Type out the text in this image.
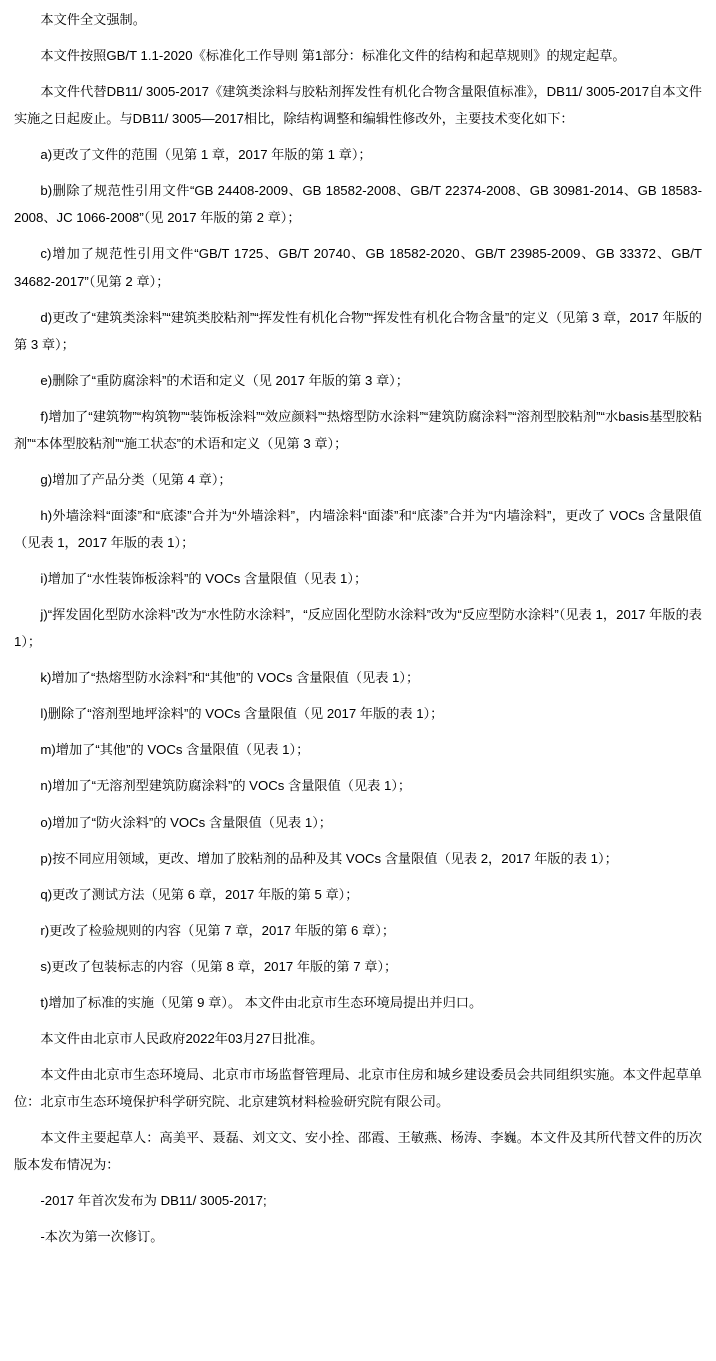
本文件全文强制。

本文件按照GB/T 1.1-2020《标准化工作导则 第1部分：标准化文件的结构和起草规则》的规定起草。

本文件代替DB11/ 3005-2017《建筑类涂料与胶粘剂挥发性有机化合物含量限值标准》，DB11/ 3005-2017自本文件实施之日起废止。与DB11/ 3005—2017相比，除结构调整和编辑性修改外，主要技术变化如下：

a)更改了文件的范围（见第 1 章，2017 年版的第 1 章）；

b)删除了规范性引用文件“GB 24408-2009、GB 18582-2008、GB/T 22374-2008、GB 30981-2014、GB 18583-2008、JC 1066-2008”（见 2017 年版的第 2 章）；

c)增加了规范性引用文件“GB/T 1725、GB/T 20740、GB 18582-2020、GB/T 23985-2009、GB 33372、GB/T 34682-2017”（见第 2 章）；

d)更改了“建筑类涂料”“建筑类胶粘剂”“挥发性有机化合物”“挥发性有机化合物含量”的定义（见第 3 章，2017 年版的第 3 章）；

e)删除了“重防腐涂料”的术语和定义（见 2017 年版的第 3 章）；

f)增加了“建筑物”“构筑物”“装饰板涂料”“效应颜料”“热熔型防水涂料”“建筑防腐涂料”“溶剂型胶粘剂”“水basis基型胶粘剂”“本体型胶粘剂”“施工状态”的术语和定义（见第 3 章）；

g)增加了产品分类（见第 4 章）；

h)外墙涂料“面漆”和“底漆”合并为“外墙涂料”，内墙涂料“面漆”和“底漆”合并为“内墙涂料”，更改了 VOCs 含量限值（见表 1，2017 年版的表 1）；

i)增加了“水性装饰板涂料”的 VOCs 含量限值（见表 1）；

j)“挥发固化型防水涂料”改为“水性防水涂料”，“反应固化型防水涂料”改为“反应型防水涂料”（见表 1，2017 年版的表 1）；

k)增加了“热熔型防水涂料”和“其他”的 VOCs 含量限值（见表 1）；

l)删除了“溶剂型地坪涂料”的 VOCs 含量限值（见 2017 年版的表 1）；

m)增加了“其他”的 VOCs 含量限值（见表 1）；

n)增加了“无溶剂型建筑防腐涂料”的 VOCs 含量限值（见表 1）；

o)增加了“防火涂料”的 VOCs 含量限值（见表 1）；

p)按不同应用领域，更改、增加了胶粘剂的品种及其 VOCs 含量限值（见表 2，2017 年版的表 1）；

q)更改了测试方法（见第 6 章，2017 年版的第 5 章）；

r)更改了检验规则的内容（见第 7 章，2017 年版的第 6 章）；

s)更改了包装标志的内容（见第 8 章，2017 年版的第 7 章）；

t)增加了标准的实施（见第 9 章）。 本文件由北京市生态环境局提出并归口。

本文件由北京市人民政府2022年03月27日批准。

本文件由北京市生态环境局、北京市市场监督管理局、北京市住房和城乡建设委员会共同组织实施。本文件起草单位：北京市生态环境保护科学研究院、北京建筑材料检验研究院有限公司。

本文件主要起草人：高美平、聂磊、刘文文、安小拴、邵霞、王敏燕、杨涛、李巍。本文件及其所代替文件的历次版本发布情况为：

-2017 年首次发布为 DB11/ 3005-2017;

-本次为第一次修订。
